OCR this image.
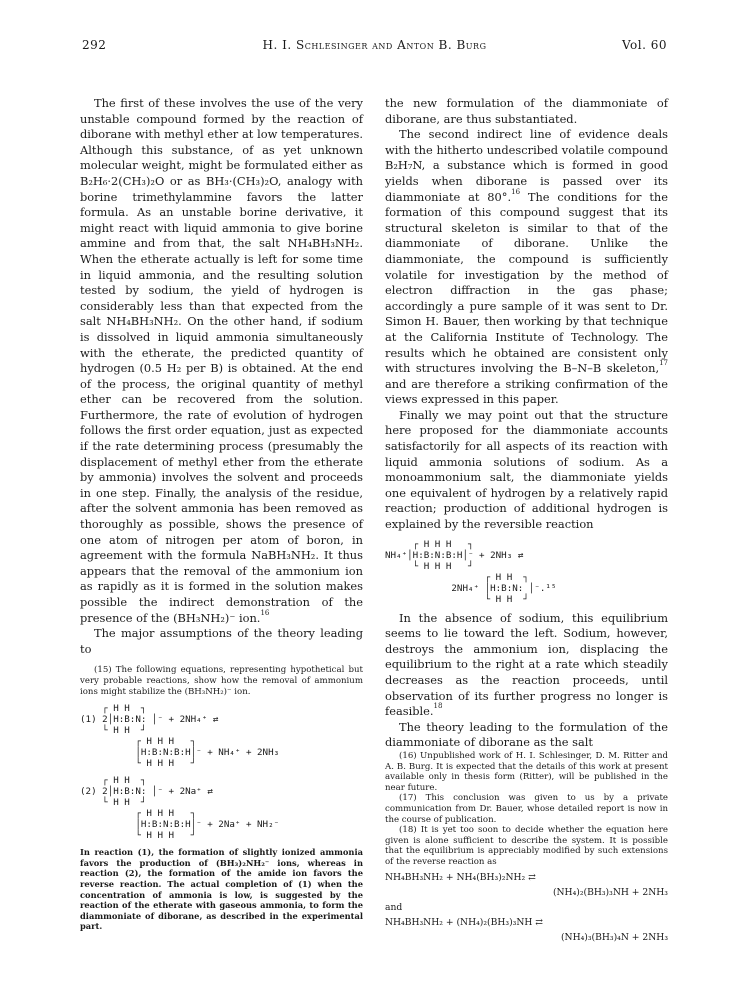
292	H. I. Schlesinger and Anton B. Burg	Vol. 60

The first of these involves the use of the very unstable compound formed by the reaction of diborane with methyl ether at low temperatures. Although this substance, of as yet unknown molecular weight, might be formulated either as B₂H₆·2(CH₃)₂O or as BH₃·(CH₃)₂O, analogy with borine trimethylammine favors the latter formula. As an unstable borine derivative, it might react with liquid ammonia to give borine ammine and from that, the salt NH₄BH₃NH₂. When the etherate actually is left for some time in liquid ammonia, and the resulting solution tested by sodium, the yield of hydrogen is considerably less than that expected from the salt NH₄BH₃NH₂. On the other hand, if sodium is dissolved in liquid ammonia simultaneously with the etherate, the predicted quantity of hydrogen (0.5 H₂ per B) is obtained. At the end of the process, the original quantity of methyl ether can be recovered from the solution. Furthermore, the rate of evolution of hydrogen follows the first order equation, just as expected if the rate determining process (presumably the displacement of methyl ether from the etherate by ammonia) involves the solvent and proceeds in one step. Finally, the analysis of the residue, after the solvent ammonia has been removed as thoroughly as possible, shows the presence of one atom of nitrogen per atom of boron, in agreement with the formula NaBH₃NH₂. It thus appears that the removal of the ammonium ion as rapidly as it is formed in the solution makes possible the indirect demonstration of the presence of the (BH₃NH₂)⁻ ion.$^{16}$

The major assumptions of the theory leading to

(15) The following equations, representing hypothetical but very probable reactions, show how the removal of ammonium ions might stabilize the (BH₃NH₂)⁻ ion.

┌ H H  ┐
(1) 2│H:B:N: │⁻ + 2NH₄⁺ ⇄
└ H H  ┘
┌ H H H   ┐
│H:B:N:B:H│⁻ + NH₄⁺ + 2NH₃
└ H H H   ┘
┌ H H  ┐
(2) 2│H:B:N: │⁻ + 2Na⁺ ⇄
└ H H  ┘
┌ H H H   ┐
│H:B:N:B:H│⁻ + 2Na⁺ + NH₂⁻
└ H H H   ┘
In reaction (1), the formation of slightly ionized ammonia favors the production of (BH₃)₂NH₂⁻ ions, whereas in reaction (2), the formation of the amide ion favors the reverse reaction. The actual completion of (1) when the concentration of ammonia is low, is suggested by the reaction of the etherate with gaseous ammonia, to form the diammoniate of diborane, as described in the experimental part.

the new formulation of the diammoniate of diborane, are thus substantiated.

The second indirect line of evidence deals with the hitherto undescribed volatile compound B₂H₇N, a substance which is formed in good yields when diborane is passed over its diammoniate at 80°.$^{16}$ The conditions for the formation of this compound suggest that its structural skeleton is similar to that of the diammoniate of diborane. Unlike the diammoniate, the compound is sufficiently volatile for investigation by the method of electron diffraction in the gas phase; accordingly a pure sample of it was sent to Dr. Simon H. Bauer, then working by that technique at the California Institute of Technology. The results which he obtained are consistent only with structures involving the B–N–B skeleton,$^{17}$ and are therefore a striking confirmation of the views expressed in this paper.

Finally we may point out that the structure here proposed for the diammoniate accounts satisfactorily for all aspects of its reaction with liquid ammonia solutions of sodium. As a monoammonium salt, the diammoniate yields one equivalent of hydrogen by a relatively rapid reaction; production of additional hydrogen is explained by the reversible reaction

┌ H H H   ┐
NH₄⁺│H:B:N:B:H│⁻ + 2NH₃ ⇄
└ H H H   ┘
┌ H H  ┐
2NH₄⁺ │H:B:N: │⁻.¹⁵
└ H H  ┘

In the absence of sodium, this equilibrium seems to lie toward the left. Sodium, however, destroys the ammonium ion, displacing the equilibrium to the right at a rate which steadily decreases as the reaction proceeds, until observation of its further progress no longer is feasible.$^{18}$

The theory leading to the formulation of the diammoniate of diborane as the salt

(16) Unpublished work of H. I. Schlesinger, D. M. Ritter and A. B. Burg. It is expected that the details of this work at present available only in thesis form (Ritter), will be published in the near future.

(17) This conclusion was given to us by a private communication from Dr. Bauer, whose detailed report is now in the course of publication.

(18) It is yet too soon to decide whether the equation here given is alone sufficient to describe the system. It is possible that the equilibrium is appreciably modified by such extensions of the reverse reaction as

NH₄BH₃NH₂ + NH₄(BH₃)₂NH₂ ⇄
(NH₄)₂(BH₃)₃NH + 2NH₃
and
NH₄BH₃NH₂ + (NH₄)₂(BH₃)₃NH ⇄
(NH₄)₃(BH₃)₄N + 2NH₃
